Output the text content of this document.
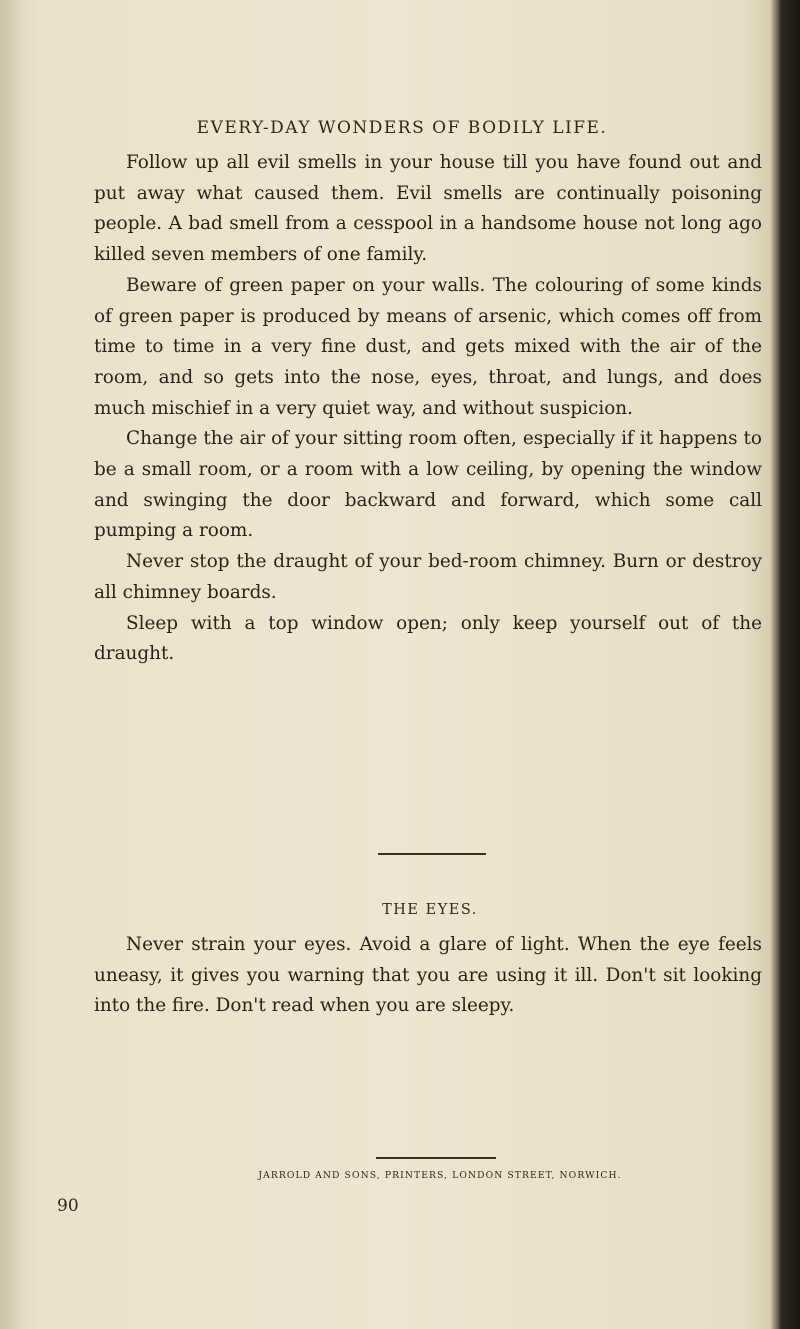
EVERY-DAY WONDERS OF BODILY LIFE.

Follow up all evil smells in your house till you have found out and put away what caused them. Evil smells are continually poisoning people. A bad smell from a cesspool in a handsome house not long ago killed seven members of one family.

Beware of green paper on your walls. The colouring of some kinds of green paper is produced by means of arsenic, which comes off from time to time in a very fine dust, and gets mixed with the air of the room, and so gets into the nose, eyes, throat, and lungs, and does much mischief in a very quiet way, and without suspicion.

Change the air of your sitting room often, especially if it happens to be a small room, or a room with a low ceiling, by opening the window and swinging the door backward and forward, which some call pumping a room.

Never stop the draught of your bed-room chimney. Burn or destroy all chimney boards.

Sleep with a top window open; only keep yourself out of the draught.

THE EYES.

Never strain your eyes. Avoid a glare of light. When the eye feels uneasy, it gives you warning that you are using it ill. Don't sit looking into the fire. Don't read when you are sleepy.

JARROLD AND SONS, PRINTERS, LONDON STREET, NORWICH.
90
